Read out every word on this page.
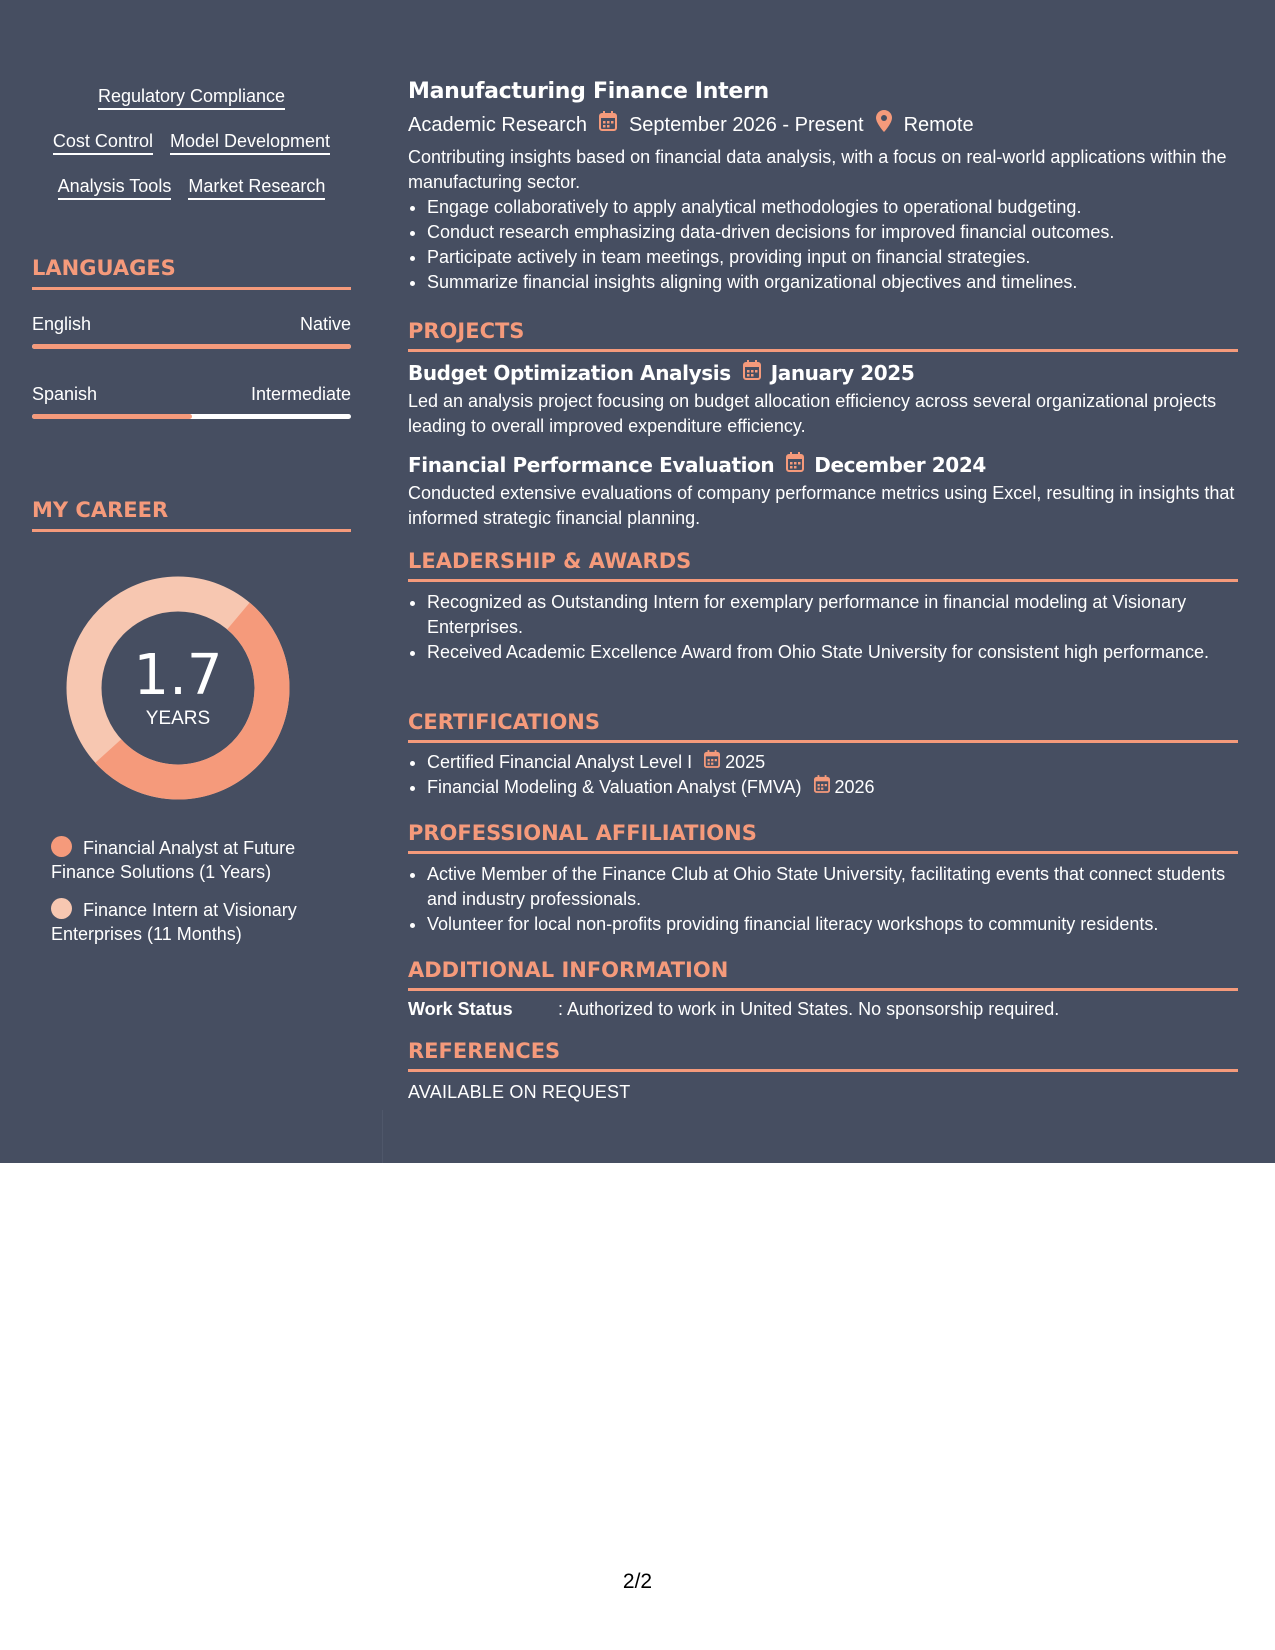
Regulatory Compliance
Cost Control Model Development
Analysis Tools Market Research
LANGUAGES
English	Native
Spanish	Intermediate
MY CAREER
1.7
YEARS
Financial Analyst at Future Finance Solutions (1 Years)
Finance Intern at Visionary Enterprises (11 Months)
Manufacturing Finance Intern
Academic Research September 2026 - Present Remote

Contributing insights based on financial data analysis, with a focus on real-world applications within the manufacturing sector.

• Engage collaboratively to apply analytical methodologies to operational budgeting.
• Conduct research emphasizing data-driven decisions for improved financial outcomes.
• Participate actively in team meetings, providing input on financial strategies.
• Summarize financial insights aligning with organizational objectives and timelines.
PROJECTS
Budget Optimization Analysis January 2025

Led an analysis project focusing on budget allocation efficiency across several organizational projects leading to overall improved expenditure efficiency.

Financial Performance Evaluation December 2024

Conducted extensive evaluations of company performance metrics using Excel, resulting in insights that informed strategic financial planning.

LEADERSHIP & AWARDS
• Recognized as Outstanding Intern for exemplary performance in financial modeling at Visionary Enterprises.
• Received Academic Excellence Award from Ohio State University for consistent high performance.
CERTIFICATIONS
• Certified Financial Analyst Level I 2025
• Financial Modeling & Valuation Analyst (FMVA) 2026
PROFESSIONAL AFFILIATIONS
• Active Member of the Finance Club at Ohio State University, facilitating events that connect students and industry professionals.
• Volunteer for local non-profits providing financial literacy workshops to community residents.
ADDITIONAL INFORMATION
Work Status	: Authorized to work in United States. No sponsorship required.
REFERENCES
AVAILABLE ON REQUEST
2/2
